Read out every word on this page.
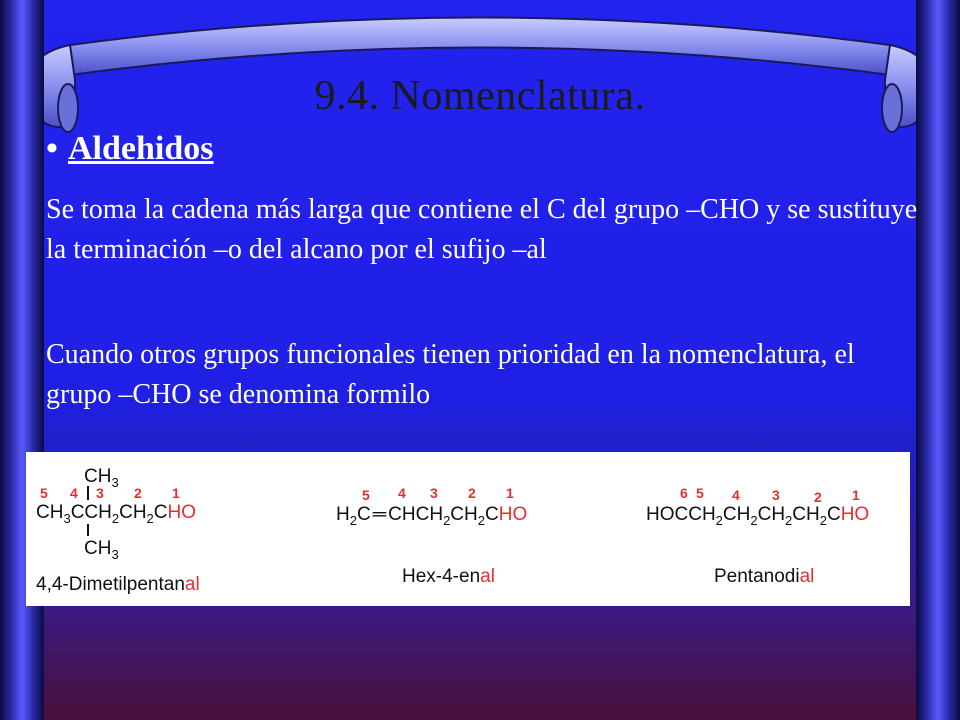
9.4. Nomenclatura.
• Aldehidos
Se toma la cadena más larga que contiene el C del grupo –CHO y se sustituye la terminación –o del alcano por el sufijo –al
Cuando otros grupos funcionales tienen prioridad en la nomenclatura, el grupo –CHO se denomina formilo
$CH_3$
5 4 3 2 1
$CH_3CCH_2CH_2CHO$
$CH_3$
4,4-Dimetilpentanal
5 4 3 2 1
$H_2C$ ═ $CHCH_2CH_2CHO$
Hex-4-enal
6 5 4 3 2 1
$HOCCH_2CH_2CH_2CH_2CHO$
Pentanodial
